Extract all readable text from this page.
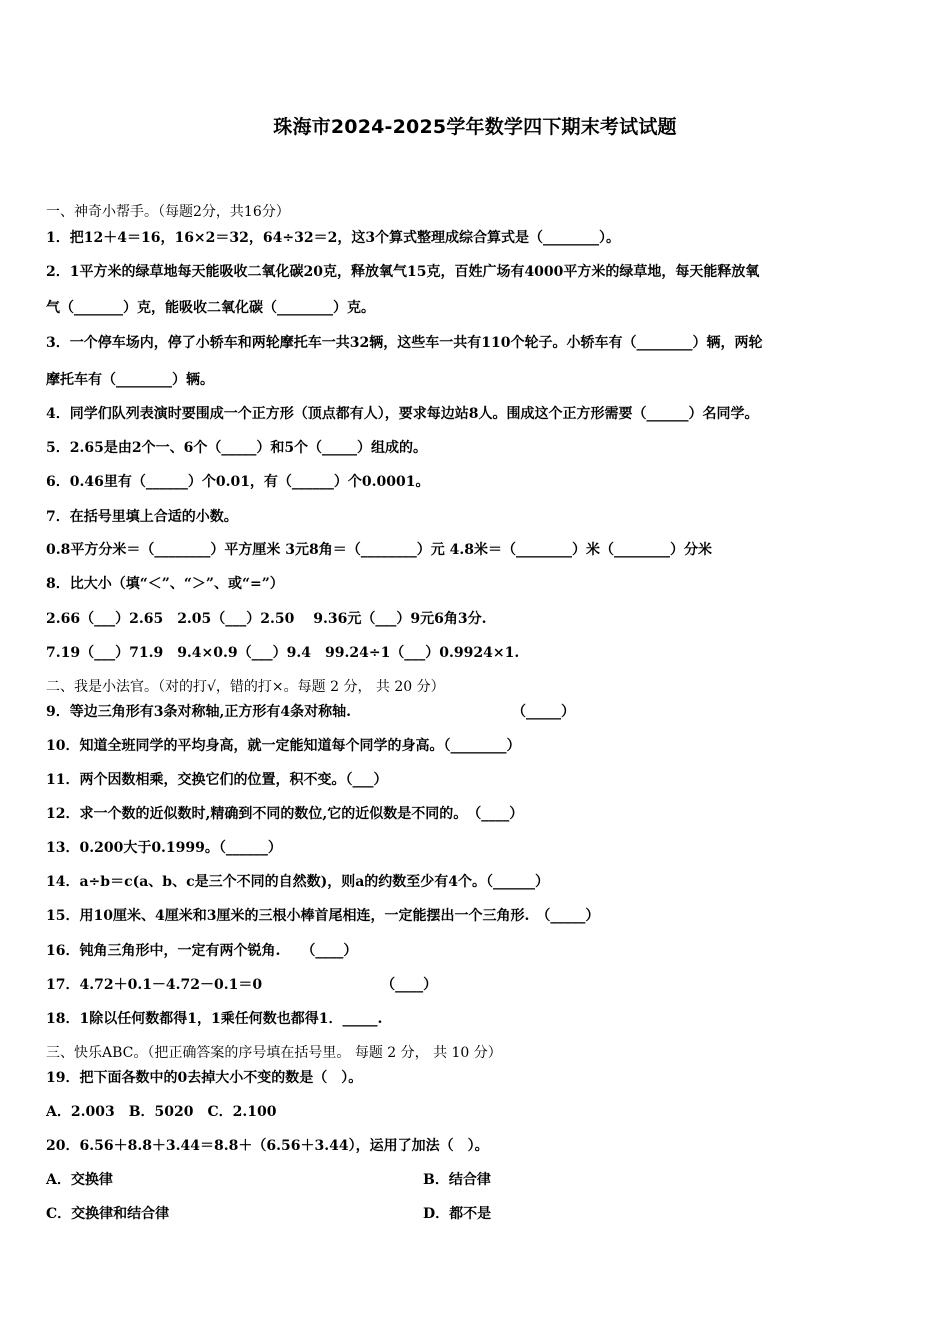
珠海市2024-2025学年数学四下期末考试试题
一、神奇小帮手。（每题2分，共16分）
1．把12＋4＝16，16×2＝32，64÷32＝2，这3个算式整理成综合算式是（________）。
2．1平方米的绿草地每天能吸收二氧化碳20克，释放氧气15克，百姓广场有4000平方米的绿草地，每天能释放氧
气（_______）克，能吸收二氧化碳（________）克。
3．一个停车场内，停了小轿车和两轮摩托车一共32辆，这些车一共有110个轮子。小轿车有（________）辆，两轮
摩托车有（________）辆。
4．同学们队列表演时要围成一个正方形（顶点都有人），要求每边站8人。围成这个正方形需要（______）名同学。
5．2.65是由2个一、6个（_____）和5个（_____）组成的。
6．0.46里有（______）个0.01，有（______）个0.0001。
7．在括号里填上合适的小数。
0.8平方分米＝（________）平方厘米 3元8角＝（________）元 4.8米＝（________）米（________）分米
8．比大小（填“＜”、“＞”、或“=”）
2.66（___）2.65　2.05（___）2.50　 9.36元（___）9元6角3分.
7.19（___）71.9　9.4×0.9（___）9.4　99.24÷1（___）0.9924×1.
二、我是小法官。（对的打√，错的打×。每题 2 分， 共 20 分）
9．等边三角形有3条对称轴,正方形有4条对称轴.　　　　　　　　　　　　（_____）
10．知道全班同学的平均身高，就一定能知道每个同学的身高。（________）
11．两个因数相乘，交换它们的位置，积不变。（___）
12．求一个数的近似数时,精确到不同的数位,它的近似数是不同的。　（____）
13．0.200大于0.1999。（______）
14．a÷b＝c(a、b、c是三个不同的自然数)，则a的约数至少有4个。（______）
15．用10厘米、4厘米和3厘米的三根小棒首尾相连，一定能摆出一个三角形.　（_____）
16．钝角三角形中，一定有两个锐角.　　（____）
17．4.72＋0.1－4.72－0.1＝0　　　　　　　　　（____）
18．1除以任何数都得1，1乘任何数也都得1．_____.
三、快乐ABC。（把正确答案的序号填在括号里。 每题 2 分， 共 10 分）
19．把下面各数中的0去掉大小不变的数是（　）。
A．2.003　B．5020　C．2.100
20．6.56＋8.8＋3.44＝8.8＋（6.56＋3.44），运用了加法（　）。
A．交换律	B．结合律
C．交换律和结合律	D．都不是
